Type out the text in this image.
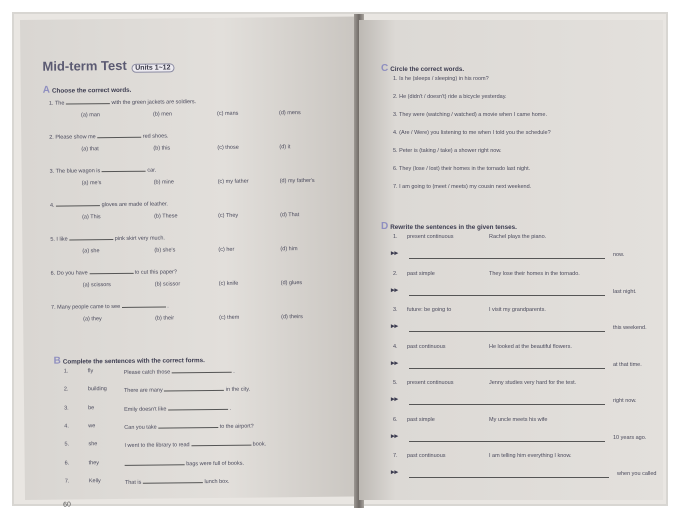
Mid-term Test Units 1~12
A Choose the correct words.
1. The	with the green jackets are soldiers.
(a) man	(b) men	(c) mans	(d) mens
2. Please show me	red shoes.
(a) that	(b) this	(c) those	(d) it
3. The blue wagon is	car.
(a) me's	(b) mine	(c) my father	(d) my father's
4.	gloves are made of leather.
(a) This	(b) These	(c) They	(d) That
5. I like	pink skirt very much.
(a) she	(b) she's	(c) her	(d) him
6. Do you have	to cut this paper?
(a) scissors	(b) scissor	(c) knife	(d) glues
7. Many people came to see	.
(a) they	(b) their	(c) them	(d) theirs
B Complete the sentences with the correct forms.
1.	fly	Please catch those	.
2.	building	There are many	in the city.
3.	be	Emily doesn't like	.
4.	we	Can you take	to the airport?
5.	she	I went to the library to read	book.
6.	they	bags were full of books.
7.	Kelly	That is	lunch box.
60
C Circle the correct words.
1. Is he (sleeps / sleeping) in his room?
2. He (didn't / doesn't) ride a bicycle yesterday.
3. They were (watching / watched) a movie when I came home.
4. (Are / Were) you listening to me when I told you the schedule?
5. Peter is (taking / take) a shower right now.
6. They (lose / lost) their homes in the tornado last night.
7. I am going to (meet / meets) my cousin next weekend.
D Rewrite the sentences in the given tenses.
1. present continuous	Rachel plays the piano.
▸▸	now.
2. past simple	They lose their homes in the tornado.
▸▸	last night.
3. future: be going to	I visit my grandparents.
▸▸	this weekend.
4. past continuous	He looked at the beautiful flowers.
▸▸	at that time.
5. present continuous	Jenny studies very hard for the test.
▸▸	right now.
6. past simple	My uncle meets his wife
▸▸	10 years ago.
7. past continuous	I am telling him everything I know.
▸▸	when you called
